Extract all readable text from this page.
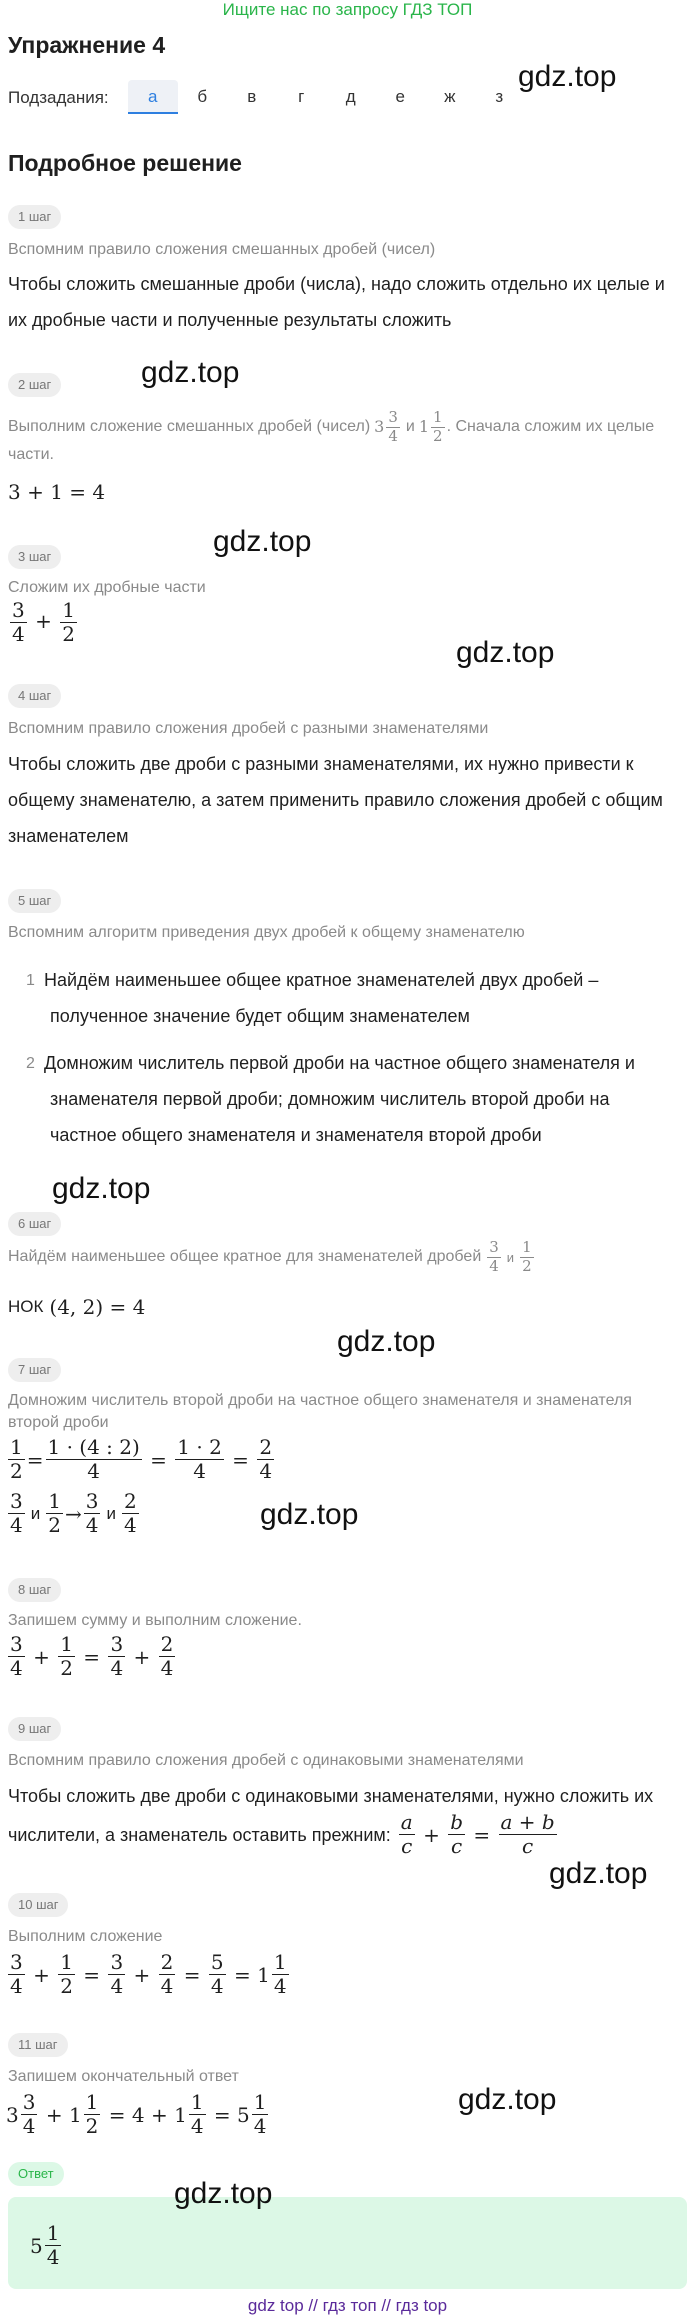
Ищите нас по запросу ГДЗ ТОП
Упражнение 4
Подзадания:	а	б	в	г	д	е	ж	з
gdz.top
Подробное решение
1 шаг
Вспомним правило сложения смешанных дробей (чисел)
Чтобы сложить смешанные дроби (числа), надо сложить отдельно их целые и
их дробные части и полученные результаты сложить
gdz.top
2 шаг
Выполним сложение смешанных дробей (чисел) $3 \frac{3}{4}$ и $1 \frac{1}{2}$ . Сначала сложим их целые
части.
3 + 1 = 4
gdz.top
3 шаг
Сложим их дробные части
$\frac{3}{4} + \frac{1}{2}$
gdz.top
4 шаг
Вспомним правило сложения дробей с разными знаменателями
Чтобы сложить две дроби с разными знаменателями, их нужно привести к
общему знаменателю, а затем применить правило сложения дробей с общим
знаменателем
5 шаг
Вспомним алгоритм приведения двух дробей к общему знаменателю
1 Найдём наименьшее общее кратное знаменателей двух дробей –
полученное значение будет общим знаменателем
2 Домножим числитель первой дроби на частное общего знаменателя и
знаменателя первой дроби; домножим числитель второй дроби на
частное общего знаменателя и знаменателя второй дроби
gdz.top
6 шаг
Найдём наименьшее общее кратное для знаменателей дробей $\frac{3}{4}$ и $\frac{1}{2}$
НОК (4, 2) = 4
gdz.top
7 шаг
Домножим числитель второй дроби на частное общего знаменателя и знаменателя
второй дроби
1
2 =
1 · (4 : 2)
4 =
1 · 2
4 =
2
4
3
4 и 1
2 →
3
4 и 2
4	gdz.top
8 шаг
Запишем сумму и выполним сложение.
3
4 +
1
2 =
3
4 +
2
4
9 шаг
Вспомним правило сложения дробей с одинаковыми знаменателями
Чтобы сложить две дроби с одинаковыми знаменателями, нужно сложить их
числители, а знаменатель оставить прежним:
a
c +
b
c =
a + b
c
gdz.top
10 шаг
Выполним сложение
3
4 +
1
2 =
3
4 +
2
4 =
5
4 = 1
1
4
11 шаг
Запишем окончательный ответ
gdz.top
3
3
4 + 1
1
2 = 4 + 1
1
4 = 5
1
4
Ответ
gdz.top
5
1
4
gdz top // гдз топ // гдз top
